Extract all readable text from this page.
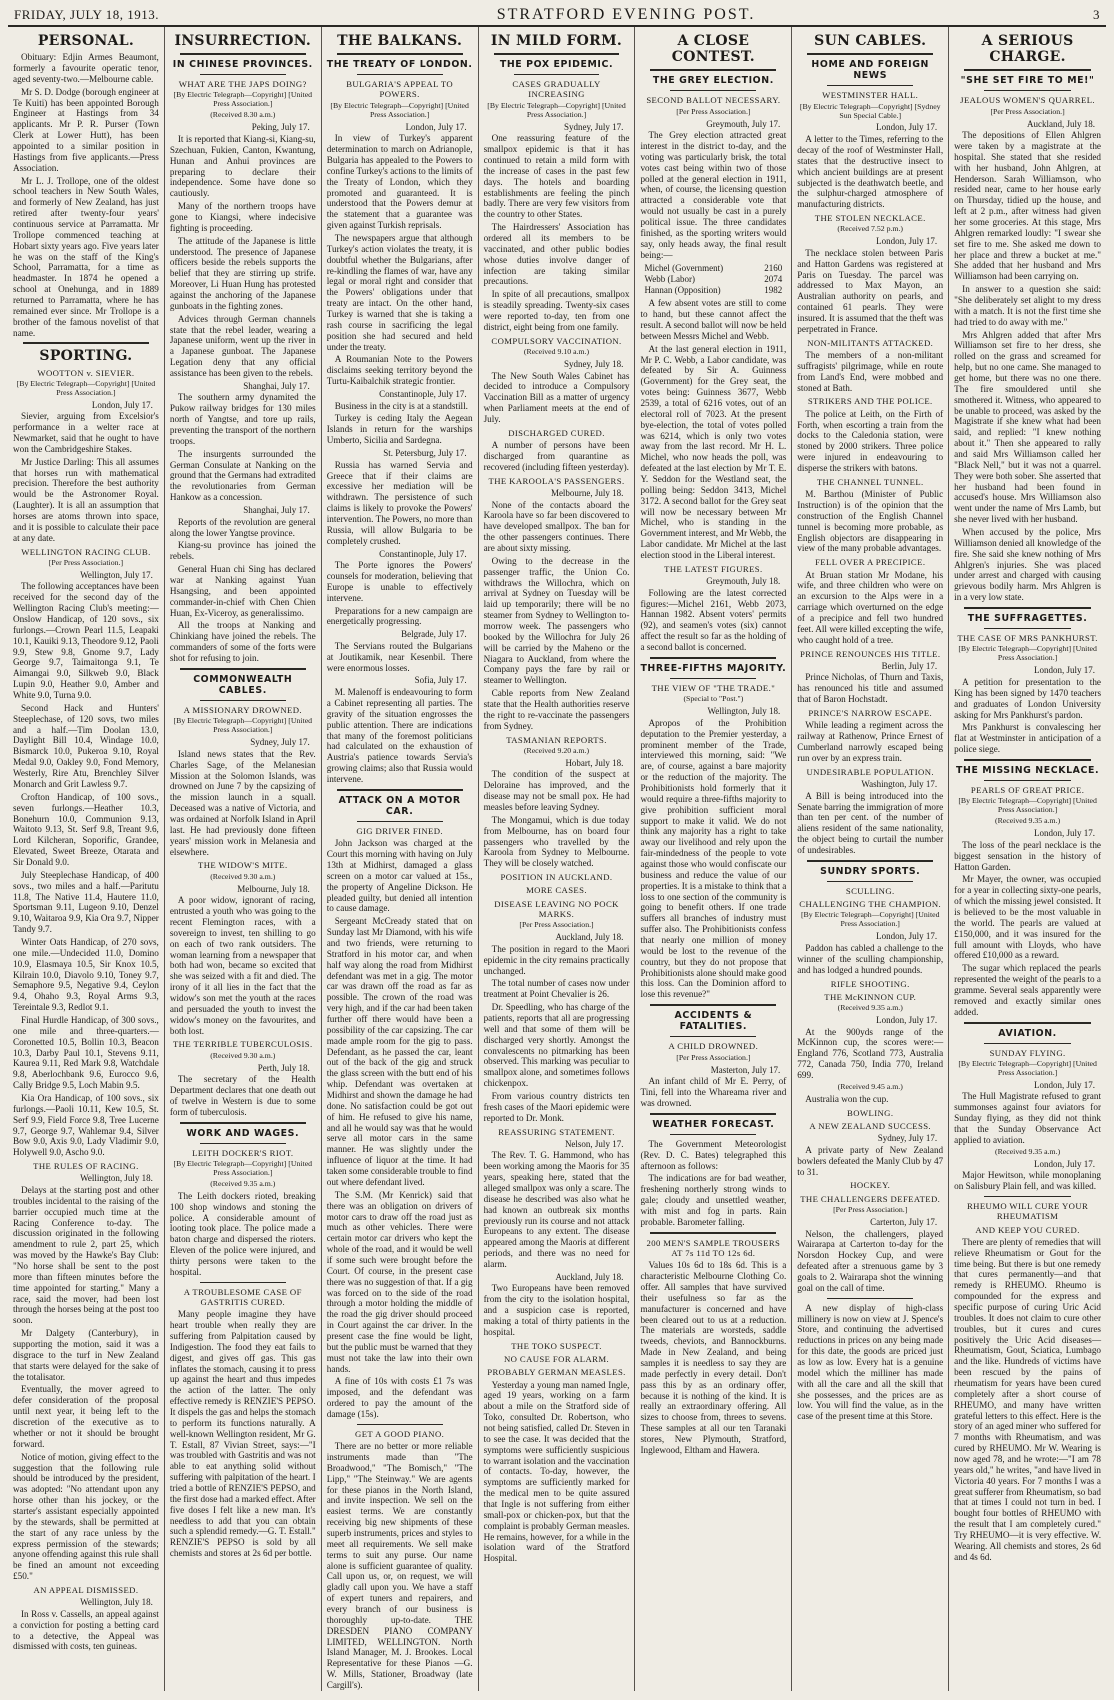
FRIDAY, JULY 18, 1913.	STRATFORD EVENING POST.	3
PERSONAL.

Obituary: Edjin Armes Beaumont, formerly a favourite operatic tenor, aged seventy-two.—Melbourne cable.

Mr S. D. Dodge (borough engineer at Te Kuiti) has been appointed Borough Engineer at Hastings from 34 applicants. Mr P. R. Purser (Town Clerk at Lower Hutt), has been appointed to a similar position in Hastings from five applicants.—Press Association.

Mr L. J. Trollope, one of the oldest school teachers in New South Wales, and formerly of New Zealand, has just retired after twenty-four years' continuous service at Parramatta. Mr Trollope commenced teaching at Hobart sixty years ago. Five years later he was on the staff of the King's School, Parramatta, for a time as headmaster. In 1874 he opened a school at Onehunga, and in 1889 returned to Parramatta, where he has remained ever since. Mr Trollope is a brother of the famous novelist of that name.

SPORTING.
WOOTTON v. SIEVIER.
[By Electric Telegraph—Copyright] [United Press Association.]
London, July 17.

Sievier, arguing from Excelsior's performance in a welter race at Newmarket, said that he ought to have won the Cambridgeshire Stakes.

Mr Justice Darling: This all assumes that horses run with mathematical precision. Therefore the best authority would be the Astronomer Royal. (Laughter). It is all an assumption that horses are atoms thrown into space, and it is possible to calculate their pace at any date.

WELLINGTON RACING CLUB.
[Per Press Association.]
Wellington, July 17.

The following acceptances have been received for the second day of the Wellington Racing Club's meeting:—Onslow Handicap, of 120 sovs., six furlongs.—Crown Pearl 11.5, Leapaki 10.1, Kauiki 9.13, Theodore 9.12, Paoli 9.9, Stew 9.8, Gnome 9.7, Lady George 9.7, Taimaitonga 9.1, Te Aimangai 9.0, Silkweb 9.0, Black Lupin 9.0, Heather 9.0, Amber and White 9.0, Turna 9.0.

Second Hack and Hunters' Steeplechase, of 120 sovs, two miles and a half.—Tim Doolan 13.0, Daylight Bill 10.4, Windage 10.0, Bismarck 10.0, Pukeroa 9.10, Royal Medal 9.0, Oakley 9.0, Fond Memory, Westerly, Rire Atu, Brenchley Silver Monarch and Grit Lawless 9.7.

Crofton Handicap, of 100 sovs., seven furlongs.—Heather 10.3, Bonehurn 10.0, Communion 9.13, Waitoto 9.13, St. Serf 9.8, Treant 9.6, Lord Kilcheran, Soporific, Grandee, Elevated, Sweet Breeze, Otarata and Sir Donald 9.0.

July Steeplechase Handicap, of 400 sovs., two miles and a half.—Paritutu 11.8, The Native 11.4, Hautere 11.0, Sportsman 9.11, Lugeon 9.10, Denzel 9.10, Waitaroa 9.9, Kia Ora 9.7, Nipper Tandy 9.7.

Winter Oats Handicap, of 270 sovs, one mile.—Undecided 11.0, Domino 10.9, Elasmaya 10.5, Sir Knox 10.5, Kilrain 10.0, Diavolo 9.10, Toney 9.7, Semaphore 9.5, Negative 9.4, Ceylon 9.4, Ohaho 9.3, Royal Arms 9.3, Tereintale 9.3, Redlot 9.1.

Final Hurdle Handicap, of 300 sovs., one mile and three-quarters.—Coronetted 10.5, Bollin 10.3, Beacon 10.3, Darby Paul 10.1, Stevens 9.11, Kaurea 9.11, Red Mark 9.8, Watchdale 9.8, Aberlochbank 9.6, Eurocco 9.6, Cally Bridge 9.5, Loch Mabin 9.5.

Kia Ora Handicap, of 100 sovs., six furlongs.—Paoli 10.11, Kew 10.5, St. Serf 9.9, Field Force 9.8, Tree Lucerne 9.7, George 9.7, Wahlemar 9.4, Silver Bow 9.0, Axis 9.0, Lady Vladimir 9.0, Holywell 9.0, Ascho 9.0.

THE RULES OF RACING.
Wellington, July 18.

Delays at the starting post and other troubles incidental to the raising of the barrier occupied much time at the Racing Conference to-day. The discussion originated in the following amendment to rule 2, part 25, which was moved by the Hawke's Bay Club: "No horse shall be sent to the post more than fifteen minutes before the time appointed for starting." Many a race, said the mover, had been lost through the horses being at the post too soon.

Mr Dalgety (Canterbury), in supporting the motion, said it was a disgrace to the turf in New Zealand that starts were delayed for the sake of the totalisator.

Eventually, the mover agreed to defer consideration of the proposal until next year, it being left to the discretion of the executive as to whether or not it should be brought forward.

Notice of motion, giving effect to the suggestion that the following rule should be introduced by the president, was adopted: "No attendant upon any horse other than his jockey, or the starter's assistant especially appointed by the stewards, shall be permitted at the start of any race unless by the express permission of the stewards; anyone offending against this rule shall be fined an amount not exceeding £50."

AN APPEAL DISMISSED.
Wellington, July 18.

In Ross v. Cassells, an appeal against a conviction for posting a betting card to a detective, the Appeal was dismissed with costs, ten guineas.

INSURRECTION.
IN CHINESE PROVINCES.
WHAT ARE THE JAPS DOING?
[By Electric Telegraph—Copyright] [United Press Association.]
(Received 8.30 a.m.)
Peking, July 17.

It is reported that Kiang-si, Kiang-su, Szechuan, Fukien, Canton, Kwantung, Hunan and Anhui provinces are preparing to declare their independence. Some have done so cautiously.

Many of the northern troops have gone to Kiangsi, where indecisive fighting is proceeding.

The attitude of the Japanese is little understood. The presence of Japanese officers beside the rebels supports the belief that they are stirring up strife. Moreover, Li Huan Hung has protested against the anchoring of the Japanese gunboats in the fighting zones.

Advices through German channels state that the rebel leader, wearing a Japanese uniform, went up the river in a Japanese gunboat. The Japanese Legation deny that any official assistance has been given to the rebels.

Shanghai, July 17.

The southern army dynamited the Pukow railway bridges for 130 miles north of Yangtse, and tore up rails, preventing the transport of the northern troops.

The insurgents surrounded the German Consulate at Nanking on the ground that the Germans had extradited the revolutionaries from German Hankow as a concession.

Shanghai, July 17.

Reports of the revolution are general along the lower Yangtse province.

Kiang-su province has joined the rebels.

General Huan chi Sing has declared war at Nanking against Yuan Hsangsing, and been appointed commander-in-chief with Chen Chien Huan, Ex-Viceroy, as generalissimo.

All the troops at Nanking and Chinkiang have joined the rebels. The commanders of some of the forts were shot for refusing to join.

COMMONWEALTH CABLES.
A MISSIONARY DROWNED.
[By Electric Telegraph—Copyright] [United Press Association.]
Sydney, July 17.

Island news states that the Rev. Charles Sage, of the Melanesian Mission at the Solomon Islands, was drowned on June 7 by the capsizing of the mission launch in a squall. Deceased was a native of Victoria, and was ordained at Norfolk Island in April last. He had previously done fifteen years' mission work in Melanesia and elsewhere.

THE WIDOW'S MITE.
(Received 9.30 a.m.)
Melbourne, July 18.

A poor widow, ignorant of racing, entrusted a youth who was going to the recent Flemington races, with a sovereign to invest, ten shilling to go on each of two rank outsiders. The woman learning from a newspaper that both had won, became so excited that she was seized with a fit and died. The irony of it all lies in the fact that the widow's son met the youth at the races and persuaded the youth to invest the widow's money on the favourites, and both lost.

THE TERRIBLE TUBERCULOSIS.
(Received 9.30 a.m.)
Perth, July 18.

The secretary of the Health Department declares that one death out of twelve in Western is due to some form of tuberculosis.

WORK AND WAGES.
LEITH DOCKER'S RIOT.
[By Electric Telegraph—Copyright] [United Press Association.]
(Received 9.35 a.m.)

The Leith dockers rioted, breaking 100 shop windows and stoning the police. A considerable amount of looting took place. The police made a baton charge and dispersed the rioters. Eleven of the police were injured, and thirty persons were taken to the hospital.

A TROUBLESOME CASE OF GASTRITIS CURED.

Many people imagine they have heart trouble when really they are suffering from Palpitation caused by Indigestion. The food they eat fails to digest, and gives off gas. This gas inflates the stomach, causing it to press up against the heart and thus impedes the action of the latter. The only effective remedy is RENZIE'S PEPSO. It dispels the gas and helps the stomach to perform its functions naturally. A well-known Wellington resident, Mr G. T. Estall, 87 Vivian Street, says:—"I was troubled with Gastritis and was not able to eat anything solid without suffering with palpitation of the heart. I tried a bottle of RENZIE'S PEPSO, and the first dose had a marked effect. After five doses I felt like a new man. It's needless to add that you can obtain such a splendid remedy.—G. T. Estall." RENZIE'S PEPSO is sold by all chemists and stores at 2s 6d per bottle.

THE BALKANS.
THE TREATY OF LONDON.
BULGARIA'S APPEAL TO POWERS.
[By Electric Telegraph—Copyright] [United Press Association.]
London, July 17.

In view of Turkey's apparent determination to march on Adrianople, Bulgaria has appealed to the Powers to confine Turkey's actions to the limits of the Treaty of London, which they promoted and guaranteed. It is understood that the Powers demur at the statement that a guarantee was given against Turkish reprisals.

The newspapers argue that although Turkey's action violates the treaty, it is doubtful whether the Bulgarians, after re-kindling the flames of war, have any legal or moral right and consider that the Powers' obligations under that treaty are intact. On the other hand, Turkey is warned that she is taking a rash course in sacrificing the legal position she had secured and held under the treaty.

A Roumanian Note to the Powers disclaims seeking territory beyond the Turtu-Kaibalchik strategic frontier.

Constantinople, July 17.

Business in the city is at a standstill.

Turkey is ceding Italy the Aegean Islands in return for the warships Umberto, Sicilia and Sardegna.

St. Petersburg, July 17.

Russia has warned Servia and Greece that if their claims are excessive her mediation will be withdrawn. The persistence of such claims is likely to provoke the Powers' intervention. The Powers, no more than Russia, will allow Bulgaria to be completely crushed.

Constantinople, July 17.

The Porte ignores the Powers' counsels for moderation, believing that Europe is unable to effectively intervene.

Preparations for a new campaign are energetically progressing.

Belgrade, July 17.

The Servians routed the Bulgarians at Joutikamik, near Kesenbil. There were enormous losses.

Sofia, July 17.

M. Malenoff is endeavouring to form a Cabinet representing all parties. The gravity of the situation engrosses the public attention. There are indications that many of the foremost politicians had calculated on the exhaustion of Austria's patience towards Servia's growing claims; also that Russia would intervene.

ATTACK ON A MOTOR CAR.
GIG DRIVER FINED.

John Jackson was charged at the Court this morning with having on July 13th at Midhirst, damaged a glass screen on a motor car valued at 15s., the property of Angeline Dickson. He pleaded guilty, but denied all intention to cause damage.

Sergeant McCready stated that on Sunday last Mr Diamond, with his wife and two friends, were returning to Stratford in his motor car, and when half way along the road from Midhirst defendant was met in a gig. The motor car was drawn off the road as far as possible. The crown of the road was very high, and if the car had been taken further off there would have been a possibility of the car capsizing. The car made ample room for the gig to pass. Defendant, as he passed the car, leant out of the back of the gig and struck the glass screen with the butt end of his whip. Defendant was overtaken at Midhirst and shown the damage he had done. No satisfaction could be got out of him. He refused to give his name, and all he would say was that he would serve all motor cars in the same manner. He was slightly under the influence of liquor at the time. It had taken some considerable trouble to find out where defendant lived.

The S.M. (Mr Kenrick) said that there was an obligation on drivers of motor cars to draw off the road just as much as other vehicles. There were certain motor car drivers who kept the whole of the road, and it would be well if some such were brought before the Court. Of course, in the present case there was no suggestion of that. If a gig was forced on to the side of the road through a motor holding the middle of the road the gig driver should proceed in Court against the car driver. In the present case the fine would be light, but the public must be warned that they must not take the law into their own hands.

A fine of 10s with costs £1 7s was imposed, and the defendant was ordered to pay the amount of the damage (15s).

GET A GOOD PIANO.

There are no better or more reliable instruments made than "The Broadwood," "The Bomisch," "The Lipp," "The Steinway." We are agents for these pianos in the North Island, and invite inspection. We sell on the easiest terms. We are constantly receiving big new shipments of these superb instruments, prices and styles to meet all requirements. We sell make terms to suit any purse. Our name alone is sufficient guarantee of quality. Call upon us, or, on request, we will gladly call upon you. We have a staff of expert tuners and repairers, and every branch of our business is thoroughly up-to-date. THE DRESDEN PIANO COMPANY LIMITED, WELLINGTON. North Island Manager, M. J. Brookes. Local Representative for these Pianos —G. W. Mills, Stationer, Broadway (late Cargill's).

IN MILD FORM.
THE POX EPIDEMIC.
CASES GRADUALLY INCREASING
[By Electric Telegraph—Copyright] [United Press Association.]
Sydney, July 17.

One reassuring feature of the smallpox epidemic is that it has continued to retain a mild form with the increase of cases in the past few days. The hotels and boarding establishments are feeling the pinch badly. There are very few visitors from the country to other States.

The Hairdressers' Association has ordered all its members to be vaccinated, and other public bodies whose duties involve danger of infection are taking similar precautions.

In spite of all precautions, smallpox is steadily spreading. Twenty-six cases were reported to-day, ten from one district, eight being from one family.

COMPULSORY VACCINATION.
(Received 9.10 a.m.)
Sydney, July 18.

The New South Wales Cabinet has decided to introduce a Compulsory Vaccination Bill as a matter of urgency when Parliament meets at the end of July.

DISCHARGED CURED.

A number of persons have been discharged from quarantine as recovered (including fifteen yesterday).

THE KAROOLA'S PASSENGERS.
Melbourne, July 18.

None of the contacts aboard the Karoola have so far been discovered to have developed smallpox. The ban for the other passengers continues. There are about sixty missing.

Owing to the decrease in the passenger traffic, the Union Co. withdraws the Willochra, which on arrival at Sydney on Tuesday will be laid up temporarily; there will be no steamer from Sydney to Wellington to-morrow week. The passengers who booked by the Willochra for July 26 will be carried by the Maheno or the Niagara to Auckland, from where the Company pays the fare by rail or steamer to Wellington.

Cable reports from New Zealand state that the Health authorities reserve the right to re-vaccinate the passengers from Sydney.

TASMANIAN REPORTS.
(Received 9.20 a.m.)
Hobart, July 18.

The condition of the suspect at Deloraine has improved, and the disease may not be small pox. He had measles before leaving Sydney.

The Mongamui, which is due today from Melbourne, has on board four passengers who travelled by the Karoola from Sydney to Melbourne. They will be closely watched.

POSITION IN AUCKLAND.
MORE CASES.
DISEASE LEAVING NO POCK MARKS.
[Per Press Association.]
Auckland, July 18.

The position in regard to the Maori epidemic in the city remains practically unchanged.

The total number of cases now under treatment at Point Chevalier is 26.

Dr. Speedling, who has charge of the patients, reports that all are progressing well and that some of them will be discharged very shortly. Amongst the convalescents no pitmarking has been observed. This marking was peculiar to smallpox alone, and sometimes follows chickenpox.

From various country districts ten fresh cases of the Maori epidemic were reported to Dr. Monk.

REASSURING STATEMENT.
Nelson, July 17.

The Rev. T. G. Hammond, who has been working among the Maoris for 35 years, speaking here, stated that the alleged smallpox was only a scare. The disease he described was also what he had known an outbreak six months previously run its course and not attack Europeans to any extent. The disease appeared among the Maoris at different periods, and there was no need for alarm.

Auckland, July 18.

Two Europeans have been removed from the city to the isolation hospital, and a suspicion case is reported, making a total of thirty patients in the hospital.

THE TOKO SUSPECT.
NO CAUSE FOR ALARM.
PROBABLY GERMAN MEASLES.

Yesterday a young man named Ingle, aged 19 years, working on a farm about a mile on the Stratford side of Toko, consulted Dr. Robertson, who not being satisfied, called Dr. Steven in to see the case. It was decided that the symptoms were sufficiently suspicious to warrant isolation and the vaccination of contacts. To-day, however, the symptoms are sufficiently marked for the medical men to be quite assured that Ingle is not suffering from either small-pox or chicken-pox, but that the complaint is probably German measles. He remains, however, for a while in the isolation ward of the Stratford Hospital.

A CLOSE CONTEST.
THE GREY ELECTION.
SECOND BALLOT NECESSARY.
[Per Press Association.]
Greymouth, July 17.

The Grey election attracted great interest in the district to-day, and the voting was particularly brisk, the total votes cast being within two of those polled at the general election in 1911, when, of course, the licensing question attracted a considerable vote that would not usually be cast in a purely political issue. The three candidates finished, as the sporting writers would say, only heads away, the final result being:—

Michel (Government)	2160
Webb (Labor)	2074
Hannan (Opposition)	1982

A few absent votes are still to come to hand, but these cannot affect the result. A second ballot will now be held between Messrs Michel and Webb.

At the last general election in 1911, Mr P. C. Webb, a Labor candidate, was defeated by Sir A. Guinness (Government) for the Grey seat, the votes being: Guinness 3677, Webb 2539, a total of 6216 votes, out of an electoral roll of 7023. At the present bye-election, the total of votes polled was 6214, which is only two votes away from the last record. Mr H. L. Michel, who now heads the poll, was defeated at the last election by Mr T. E. Y. Seddon for the Westland seat, the polling being: Seddon 3413, Michel 3172. A second ballot for the Grey seat will now be necessary between Mr Michel, who is standing in the Government interest, and Mr Webb, the Labor candidate. Mr Michel at the last election stood in the Liberal interest.

THE LATEST FIGURES.
Greymouth, July 18.

Following are the latest corrected figures:—Michel 2161, Webb 2073, Hannan 1982. Absent voters' permits (92), and seamen's votes (six) cannot affect the result so far as the holding of a second ballot is concerned.

THREE-FIFTHS MAJORITY.
THE VIEW OF "THE TRADE."
(Special to "Post.")
Wellington, July 18.

Apropos of the Prohibition deputation to the Premier yesterday, a prominent member of the Trade, interviewed this morning, said: "We are, of course, against a bare majority or the reduction of the majority. The Prohibitionists hold formerly that it would require a three-fifths majority to give prohibition sufficient moral support to make it valid. We do not think any majority has a right to take away our livelihood and rely upon the fair-mindedness of the people to vote against those who would confiscate our business and reduce the value of our properties. It is a mistake to think that a loss to one section of the community is going to benefit others. If one trade suffers all branches of industry must suffer also. The Prohibitionists confess that nearly one million of money would be lost to the revenue of the country, but they do not propose that Prohibitionists alone should make good this loss. Can the Dominion afford to lose this revenue?"

ACCIDENTS & FATALITIES.
A CHILD DROWNED.
[Per Press Association.]
Masterton, July 17.

An infant child of Mr E. Perry, of Tini, fell into the Whareama river and was drowned.

WEATHER FORECAST.

The Government Meteorologist (Rev. D. C. Bates) telegraphed this afternoon as follows:

The indications are for bad weather, freshening northerly strong winds to gale; cloudy and unsettled weather, with mist and fog in parts. Rain probable. Barometer falling.

200 MEN'S SAMPLE TROUSERS AT 7s 11d TO 12s 6d.

Values 10s 6d to 18s 6d. This is a characteristic Melbourne Clothing Co. offer. All samples that have survived their usefulness so far as the manufacturer is concerned and have been cleared out to us at a reduction. The materials are worsteds, saddle tweeds, cheviots, and Bannockburns. Made in New Zealand, and being samples it is needless to say they are made perfectly in every detail. Don't pass this by as an ordinary offer, because it is nothing of the kind. It is really an extraordinary offering. All sizes to choose from, threes to sevens. These samples at all our ten Taranaki stores, New Plymouth, Stratford, Inglewood, Eltham and Hawera.

SUN CABLES.
HOME AND FOREIGN NEWS
WESTMINSTER HALL.
[By Electric Telegraph—Copyright] [Sydney Sun Special Cable.]
London, July 17.

A letter to the Times, referring to the decay of the roof of Westminster Hall, states that the destructive insect to which ancient buildings are at present subjected is the deathwatch beetle, and the sulphur-charged atmosphere of manufacturing districts.

THE STOLEN NECKLACE.
(Received 7.52 p.m.)
London, July 17.

The necklace stolen between Paris and Hatton Gardens was registered at Paris on Tuesday. The parcel was addressed to Max Mayon, an Australian authority on pearls, and contained 61 pearls. They were insured. It is assumed that the theft was perpetrated in France.

NON-MILITANTS ATTACKED.

The members of a non-militant suffragists' pilgrimage, while en route from Land's End, were mobbed and stoned at Bath.

STRIKERS AND THE POLICE.

The police at Leith, on the Firth of Forth, when escorting a train from the docks to the Caledonia station, were stoned by 2000 strikers. Three police were injured in endeavouring to disperse the strikers with batons.

THE CHANNEL TUNNEL.

M. Barthou (Minister of Public Instruction) is of the opinion that the construction of the English Channel tunnel is becoming more probable, as English objectors are disappearing in view of the many probable advantages.

FELL OVER A PRECIPICE.

At Bruan station Mr Modane, his wife, and three children who were on an excursion to the Alps were in a carriage which overturned on the edge of a precipice and fell two hundred feet. All were killed excepting the wife, who caught hold of a tree.

PRINCE RENOUNCES HIS TITLE.
Berlin, July 17.

Prince Nicholas, of Thurn and Taxis, has renounced his title and assumed that of Baron Hochstadt.

PRINCE'S NARROW ESCAPE.

While leading a regiment across the railway at Rathenow, Prince Ernest of Cumberland narrowly escaped being run over by an express train.

UNDESIRABLE POPULATION.
Washington, July 17.

A Bill is being introduced into the Senate barring the immigration of more than ten per cent. of the number of aliens resident of the same nationality, the object being to curtail the number of undesirables.

SUNDRY SPORTS.
SCULLING.
CHALLENGING THE CHAMPION.
[By Electric Telegraph—Copyright] [United Press Association.]
London, July 17.

Paddon has cabled a challenge to the winner of the sculling championship, and has lodged a hundred pounds.

RIFLE SHOOTING.
THE McKINNON CUP.
(Received 9.35 a.m.)
London, July 17.

At the 900yds range of the McKinnon cup, the scores were:—England 776, Scotland 773, Australia 772, Canada 750, India 770, Ireland 699.

(Received 9.45 a.m.)

Australia won the cup.

BOWLING.
A NEW ZEALAND SUCCESS.
Sydney, July 17.

A private party of New Zealand bowlers defeated the Manly Club by 47 to 31.

HOCKEY.
THE CHALLENGERS DEFEATED.
[Per Press Association.]
Carterton, July 17.

Nelson, the challengers, played Wairarapa at Carterton to-day for the Norsdon Hockey Cup, and were defeated after a strenuous game by 3 goals to 2. Wairarapa shot the winning goal on the call of time.

A new display of high-class millinery is now on view at J. Spence's Store, and continuing the advertised reductions in prices on any being made for this date, the goods are priced just as low as low. Every hat is a genuine model which the milliner has made with all the care and all the skill that she possesses, and the prices are as low. You will find the value, as in the case of the present time at this Store.

A SERIOUS CHARGE.
"SHE SET FIRE TO ME!"
JEALOUS WOMEN'S QUARREL.
[Per Press Association.]
Auckland, July 18.

The depositions of Ellen Ahlgren were taken by a magistrate at the hospital. She stated that she resided with her husband, John Ahlgren, at Henderson. Sarah Williamson, who resided near, came to her house early on Thursday, tidied up the house, and left at 2 p.m., after witness had given her some groceries. At this stage, Mrs Ahlgren remarked loudly: "I swear she set fire to me. She asked me down to her place and threw a bucket at me." She added that her husband and Mrs Williamson had been carrying on.

In answer to a question she said: "She deliberately set alight to my dress with a match. It is not the first time she had tried to do away with me."

Mrs Ahlgren added that after Mrs Williamson set fire to her dress, she rolled on the grass and screamed for help, but no one came. She managed to get home, but there was no one there. The fire smouldered until she smothered it. Witness, who appeared to be unable to proceed, was asked by the Magistrate if she knew what had been said, and replied: "I knew nothing about it." Then she appeared to rally and said Mrs Williamson called her "Black Nell," but it was not a quarrel. They were both sober. She asserted that her husband had been found in accused's house. Mrs Williamson also went under the name of Mrs Lamb, but she never lived with her husband.

When accused by the police, Mrs Williamson denied all knowledge of the fire. She said she knew nothing of Mrs Ahlgren's injuries. She was placed under arrest and charged with causing grievous bodily harm. Mrs Ahlgren is in a very low state.

THE SUFFRAGETTES.
THE CASE OF MRS PANKHURST.
[By Electric Telegraph—Copyright] [United Press Association.]
London, July 17.

A petition for presentation to the King has been signed by 1470 teachers and graduates of London University asking for Mrs Pankhurst's pardon.

Mrs Pankhurst is convalescing her flat at Westminster in anticipation of a police siege.

THE MISSING NECKLACE.
PEARLS OF GREAT PRICE.
[By Electric Telegraph—Copyright] [United Press Association.]
(Received 9.35 a.m.)
London, July 17.

The loss of the pearl necklace is the biggest sensation in the history of Hatton Garden.

Mr Mayer, the owner, was occupied for a year in collecting sixty-one pearls, of which the missing jewel consisted. It is believed to be the most valuable in the world. The pearls are valued at £150,000, and it was insured for the full amount with Lloyds, who have offered £10,000 as a reward.

The sugar which replaced the pearls represented the weight of the pearls to a gramme. Several seals apparently were removed and exactly similar ones added.

AVIATION.
SUNDAY FLYING.
[By Electric Telegraph—Copyright] [United Press Association.]
London, July 17.

The Hull Magistrate refused to grant summonses against four aviators for Sunday flying, as they did not think that the Sunday Observance Act applied to aviation.

(Received 9.35 a.m.)
London, July 17.

Major Hewitson, while monoplaning on Salisbury Plain fell, and was killed.

RHEUMO WILL CURE YOUR RHEUMATISM
AND KEEP YOU CURED.

There are plenty of remedies that will relieve Rheumatism or Gout for the time being. But there is but one remedy that cures permanently—and that remedy is RHEUMO. Rheumo is compounded for the express and specific purpose of curing Uric Acid troubles. It does not claim to cure other troubles, but it cures and cures positively the Uric Acid diseases—Rheumatism, Gout, Sciatica, Lumbago and the like. Hundreds of victims have been rescued by the pains of rheumatism for years have been cured completely after a short course of RHEUMO, and many have written grateful letters to this effect. Here is the story of an aged miner who suffered for 7 months with Rheumatism, and was cured by RHEUMO. Mr W. Wearing is now aged 78, and he wrote:—"I am 78 years old," he writes, "and have lived in Victoria 40 years. For 7 months I was a great sufferer from Rheumatism, so bad that at times I could not turn in bed. I bought four bottles of RHEUMO with the result that I am completely cured." Try RHEUMO—it is very effective. W. Wearing. All chemists and stores, 2s 6d and 4s 6d.
